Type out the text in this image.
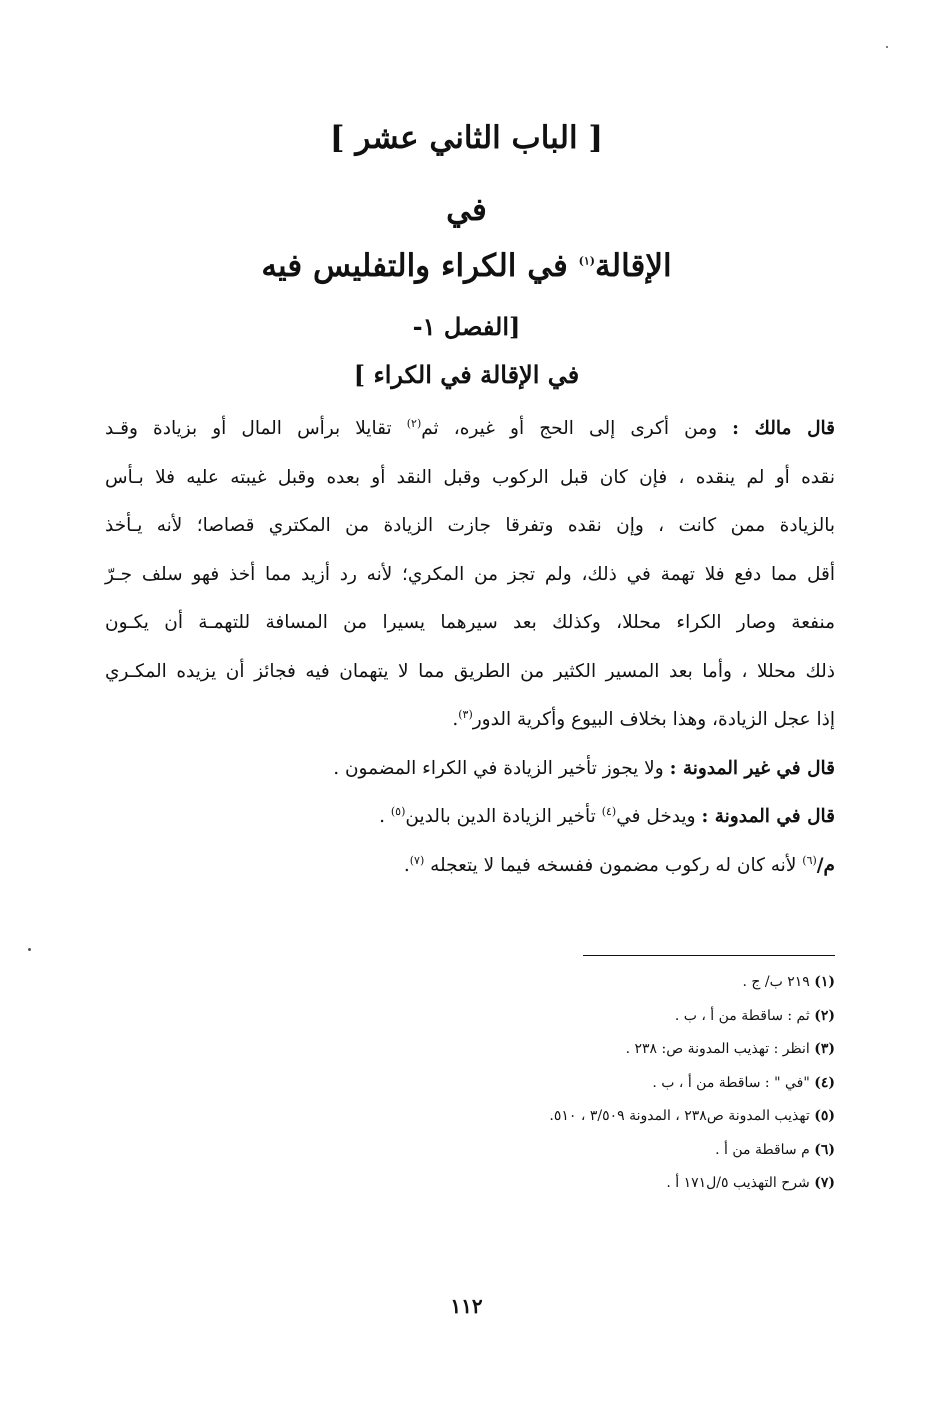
[ الباب الثاني عشر ]
في
الإقالة$^{(١)}$ في الكراء والتفليس فيه
[الفصل ١-
في الإقالة في الكراء ]
قال مالك : ومن أكرى إلى الحج أو غيره، ثم$^{(٢)}$ تقايلا برأس المال أو بزيادة وقـد
نقده أو لم ينقده ، فإن كان قبل الركوب وقبل النقد أو بعده وقبل غيبته عليه فلا بـأس
بالزيادة ممن كانت ، وإن نقده وتفرقا جازت الزيادة من المكتري قصاصا؛ لأنه يـأخذ
أقل مما دفع فلا تهمة في ذلك، ولم تجز من المكري؛ لأنه رد أزيد مما أخذ فهو سلف جـرّ
منفعة وصار الكراء محللا، وكذلك بعد سيرهما يسيرا من المسافة للتهمـة أن يكـون
ذلك محللا ، وأما بعد المسير الكثير من الطريق مما لا يتهمان فيه فجائز أن يزيده المكـري
إذا عجل الزيادة، وهذا بخلاف البيوع وأكرية الدور$^{(٣)}$.
قال في غير المدونة : ولا يجوز تأخير الزيادة في الكراء المضمون .
قال في المدونة : ويدخل في$^{(٤)}$ تأخير الزيادة الدين بالدين$^{(٥)}$ .
م/$^{(٦)}$ لأنه كان له ركوب مضمون ففسخه فيما لا يتعجله $^{(٧)}$.
(١) ٢١٩ ب/ ج .
(٢) ثم : ساقطة من أ ، ب .
(٣) انظر : تهذيب المدونة ص: ٢٣٨ .
(٤) "في " : ساقطة من أ ، ب .
(٥) تهذيب المدونة ص٢٣٨ ، المدونة ٣/٥٠٩ ، ٥١٠.
(٦) م ساقطة من أ .
(٧) شرح التهذيب ٥/ل١٧١ أ .
١١٢
